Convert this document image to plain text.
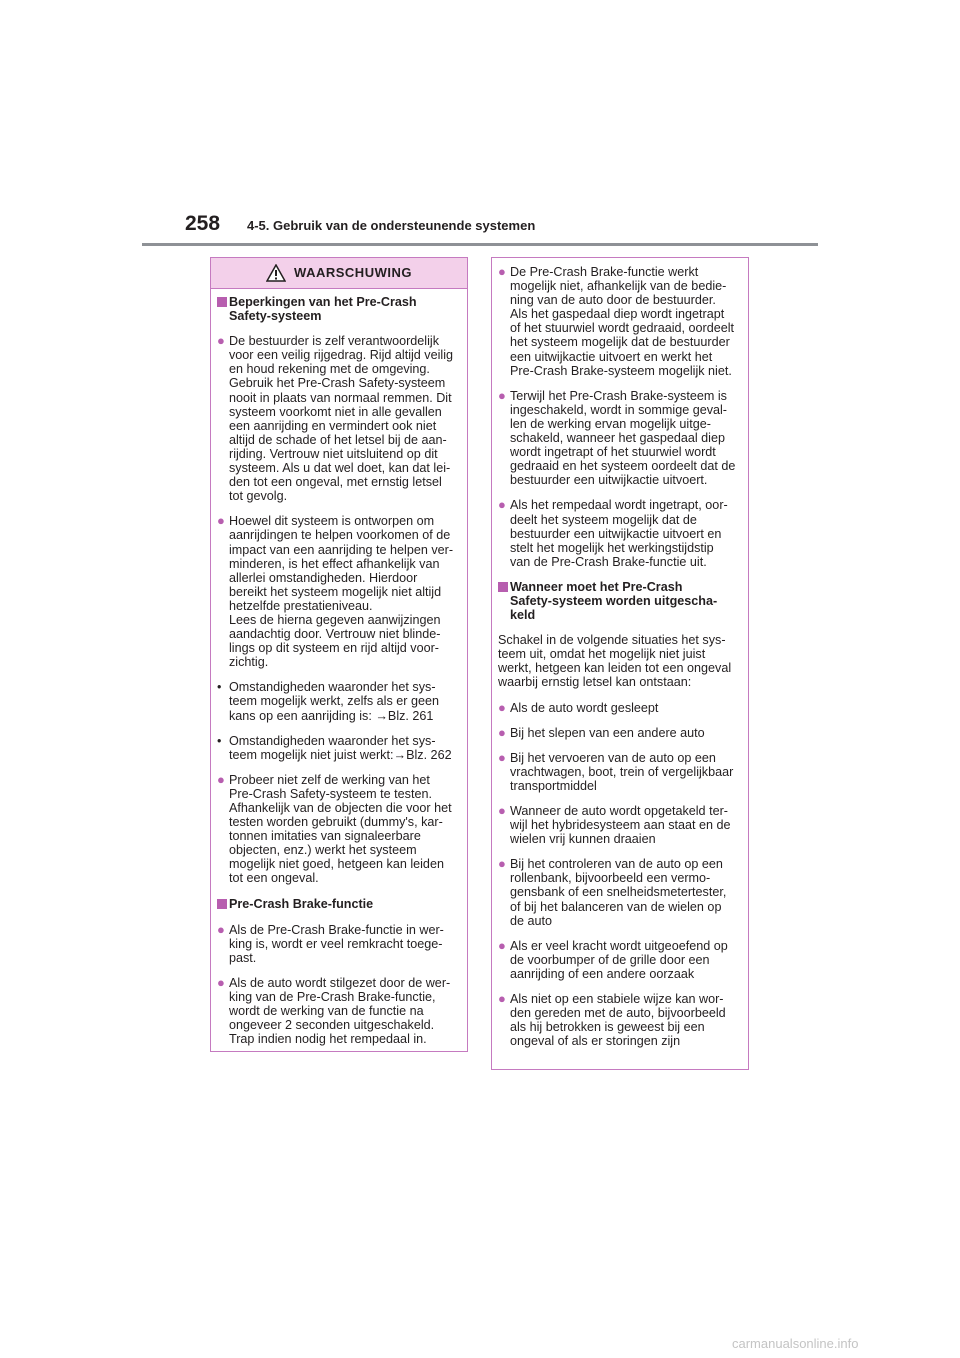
258 4-5. Gebruik van de ondersteunende systemen
WAARSCHUWING
Beperkingen van het Pre-Crash
Safety-systeem
● De bestuurder is zelf verantwoordelijk
voor een veilig rijgedrag. Rijd altijd veilig
en houd rekening met de omgeving.
Gebruik het Pre-Crash Safety-systeem
nooit in plaats van normaal remmen. Dit
systeem voorkomt niet in alle gevallen
een aanrijding en vermindert ook niet
altijd de schade of het letsel bij de aan-
rijding. Vertrouw niet uitsluitend op dit
systeem. Als u dat wel doet, kan dat lei-
den tot een ongeval, met ernstig letsel
tot gevolg.
● Hoewel dit systeem is ontworpen om
aanrijdingen te helpen voorkomen of de
impact van een aanrijding te helpen ver-
minderen, is het effect afhankelijk van
allerlei omstandigheden. Hierdoor
bereikt het systeem mogelijk niet altijd
hetzelfde prestatieniveau.
Lees de hierna gegeven aanwijzingen
aandachtig door. Vertrouw niet blinde-
lings op dit systeem en rijd altijd voor-
zichtig.
• Omstandigheden waaronder het sys-
teem mogelijk werkt, zelfs als er geen
kans op een aanrijding is: →Blz. 261
• Omstandigheden waaronder het sys-
teem mogelijk niet juist werkt:→Blz. 262
● Probeer niet zelf de werking van het
Pre-Crash Safety-systeem te testen.
Afhankelijk van de objecten die voor het
testen worden gebruikt (dummy's, kar-
tonnen imitaties van signaleerbare
objecten, enz.) werkt het systeem
mogelijk niet goed, hetgeen kan leiden
tot een ongeval.
Pre-Crash Brake-functie
● Als de Pre-Crash Brake-functie in wer-
king is, wordt er veel remkracht toege-
past.
● Als de auto wordt stilgezet door de wer-
king van de Pre-Crash Brake-functie,
wordt de werking van de functie na
ongeveer 2 seconden uitgeschakeld.
Trap indien nodig het rempedaal in.
● De Pre-Crash Brake-functie werkt
mogelijk niet, afhankelijk van de bedie-
ning van de auto door de bestuurder.
Als het gaspedaal diep wordt ingetrapt
of het stuurwiel wordt gedraaid, oordeelt
het systeem mogelijk dat de bestuurder
een uitwijkactie uitvoert en werkt het
Pre-Crash Brake-systeem mogelijk niet.
● Terwijl het Pre-Crash Brake-systeem is
ingeschakeld, wordt in sommige geval-
len de werking ervan mogelijk uitge-
schakeld, wanneer het gaspedaal diep
wordt ingetrapt of het stuurwiel wordt
gedraaid en het systeem oordeelt dat de
bestuurder een uitwijkactie uitvoert.
● Als het rempedaal wordt ingetrapt, oor-
deelt het systeem mogelijk dat de
bestuurder een uitwijkactie uitvoert en
stelt het mogelijk het werkingstijdstip
van de Pre-Crash Brake-functie uit.
Wanneer moet het Pre-Crash
Safety-systeem worden uitgescha-
keld
Schakel in de volgende situaties het sys-
teem uit, omdat het mogelijk niet juist
werkt, hetgeen kan leiden tot een ongeval
waarbij ernstig letsel kan ontstaan:
● Als de auto wordt gesleept
● Bij het slepen van een andere auto
● Bij het vervoeren van de auto op een
vrachtwagen, boot, trein of vergelijkbaar
transportmiddel
● Wanneer de auto wordt opgetakeld ter-
wijl het hybridesysteem aan staat en de
wielen vrij kunnen draaien
● Bij het controleren van de auto op een
rollenbank, bijvoorbeeld een vermo-
gensbank of een snelheidsmetertester,
of bij het balanceren van de wielen op
de auto
● Als er veel kracht wordt uitgeoefend op
de voorbumper of de grille door een
aanrijding of een andere oorzaak
● Als niet op een stabiele wijze kan wor-
den gereden met de auto, bijvoorbeeld
als hij betrokken is geweest bij een
ongeval of als er storingen zijn
carmanualsonline.info
